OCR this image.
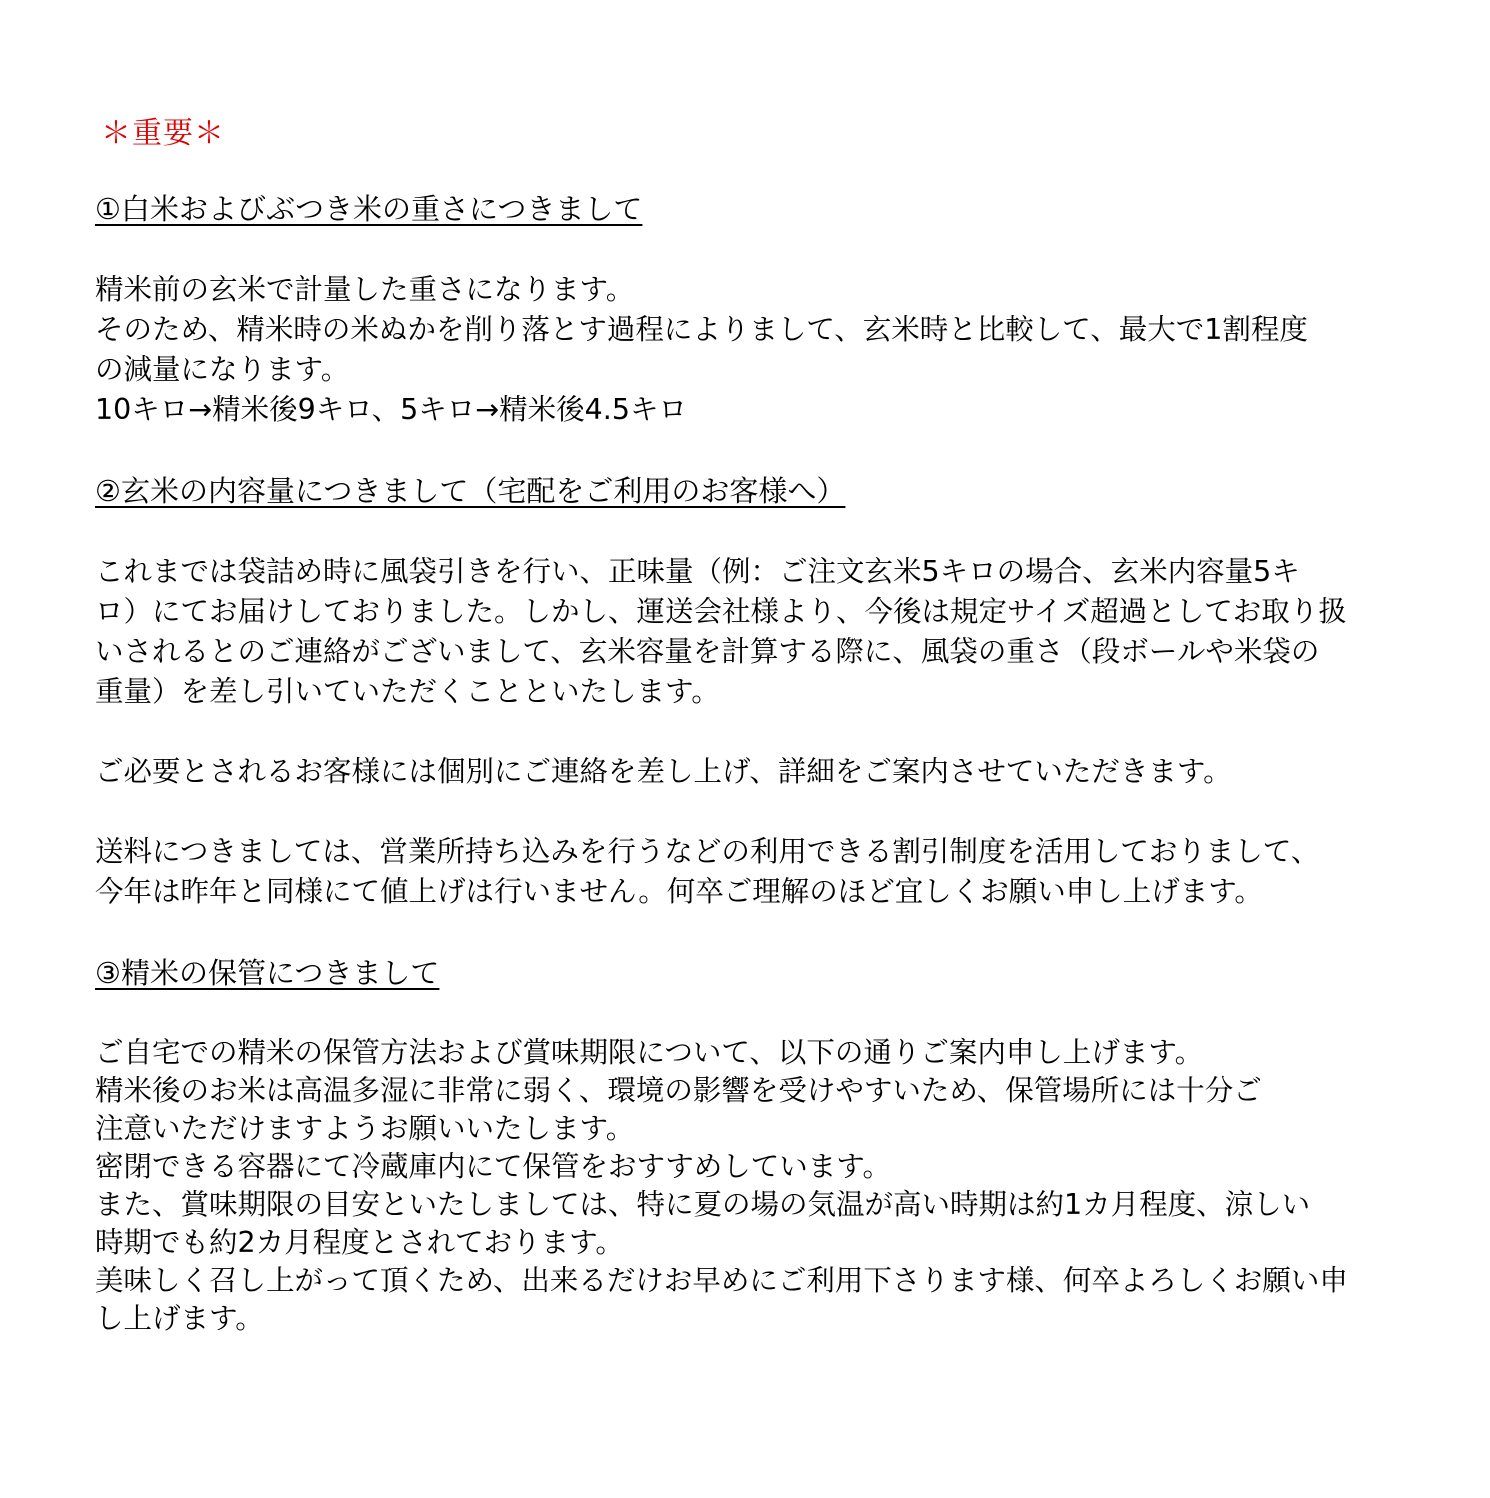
＊重要＊
①白米およびぶつき米の重さにつきまして
精米前の玄米で計量した重さになります。
そのため、精米時の米ぬかを削り落とす過程によりまして、玄米時と比較して、最大で1割程度
の減量になります。
10キロ→精米後9キロ、5キロ→精米後4.5キロ
②玄米の内容量につきまして（宅配をご利用のお客様へ）
これまでは袋詰め時に風袋引きを行い、正味量（例：ご注文玄米5キロの場合、玄米内容量5キ
ロ）にてお届けしておりました。しかし、運送会社様より、今後は規定サイズ超過としてお取り扱
いされるとのご連絡がございまして、玄米容量を計算する際に、風袋の重さ（段ボールや米袋の
重量）を差し引いていただくことといたします。
ご必要とされるお客様には個別にご連絡を差し上げ、詳細をご案内させていただきます。
送料につきましては、営業所持ち込みを行うなどの利用できる割引制度を活用しておりまして、
今年は昨年と同様にて値上げは行いません。何卒ご理解のほど宜しくお願い申し上げます。
③精米の保管につきまして
ご自宅での精米の保管方法および賞味期限について、以下の通りご案内申し上げます。
精米後のお米は高温多湿に非常に弱く、環境の影響を受けやすいため、保管場所には十分ご
注意いただけますようお願いいたします。
密閉できる容器にて冷蔵庫内にて保管をおすすめしています。
また、賞味期限の目安といたしましては、特に夏の場の気温が高い時期は約1カ月程度、涼しい
時期でも約2カ月程度とされております。
美味しく召し上がって頂くため、出来るだけお早めにご利用下さります様、何卒よろしくお願い申
し上げます。
